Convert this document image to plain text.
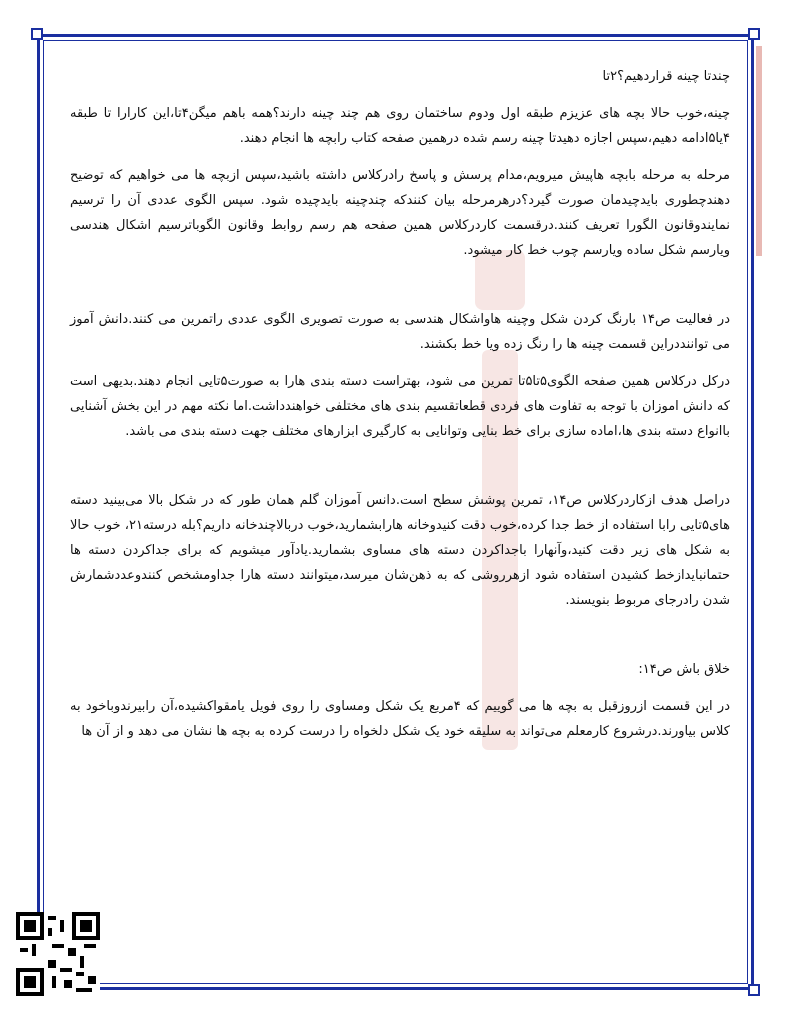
چندتا چینه قراردهیم؟۲تا

چینه،خوب حالا بچه های عزیزم طبقه اول ودوم ساختمان روی هم چند چینه دارند؟همه باهم میگن۴تا،این کارارا تا طبقه ۴یا۵ادامه دهیم،سپس اجازه دهیدتا چینه رسم شده درهمین صفحه کتاب رابچه ها انجام دهند.

مرحله به مرحله بابچه هاپیش میرویم،مدام پرسش و پاسخ رادرکلاس داشته باشید،سپس ازبچه ها می خواهیم که توضیح دهندچطوری بایدچیدمان صورت گیرد؟درهرمرحله بیان کنندکه چندچینه بایدچیده شود. سپس الگوی عددی آن را ترسیم نمایندوقانون الگورا تعریف کنند.درقسمت کاردرکلاس همین صفحه هم رسم روابط وقانون الگوباترسیم اشکال هندسی ویارسم شکل ساده ویارسم چوب خط کار میشود.

در فعالیت ص۱۴ بارنگ کردن شکل وچینه هاواشکال هندسی به صورت تصویری الگوی عددی راتمرین می کنند.دانش آموز می تواننددراین قسمت چینه ها را رنگ زده ویا خط بکشند.

درکل درکلاس همین صفحه الگوی۵تا۵تا تمرین می شود، بهتراست دسته بندی هارا به صورت۵تایی انجام دهند.بدیهی است که دانش اموزان با توجه به تفاوت های فردی قطعاتقسیم بندی های مختلفی خواهندداشت.اما نکته مهم در این بخش آشنایی باانواع دسته بندی ها،اماده سازی برای خط بنایی وتوانایی به کارگیری ابزارهای مختلف جهت دسته بندی می باشد.

دراصل هدف ازکاردرکلاس ص۱۴، تمرین پوشش سطح است.دانس آموزان گلم همان طور که در شکل بالا می‌بینید دسته های۵تایی رابا استفاده از خط جدا کرده،خوب دقت کنیدوخانه هارابشمارید،خوب دربالاچندخانه داریم؟بله درسته۲۱، خوب حالا به شکل های زیر دقت کنید،وآنهارا باجداکردن دسته های مساوی بشمارید.یادآور میشویم که برای جداکردن دسته ها حتمانبایدازخط کشیدن استفاده شود ازهرروشی که به ذهن‌شان میرسد،میتوانند دسته هارا جداومشخص کنندوعددشمارش شدن رادرجای مربوط بنویسند.

خلاق باش ص۱۴:

در این قسمت ازروزقبل به بچه ها می گوییم که ۴مربع یک شکل ومساوی را روی فویل یامقواکشیده،آن رابیرندوباخود به کلاس بیاورند.درشروع کارمعلم می‌تواند به سلیقه خود یک شکل دلخواه را درست کرده به بچه ها نشان می دهد و از آن ها
